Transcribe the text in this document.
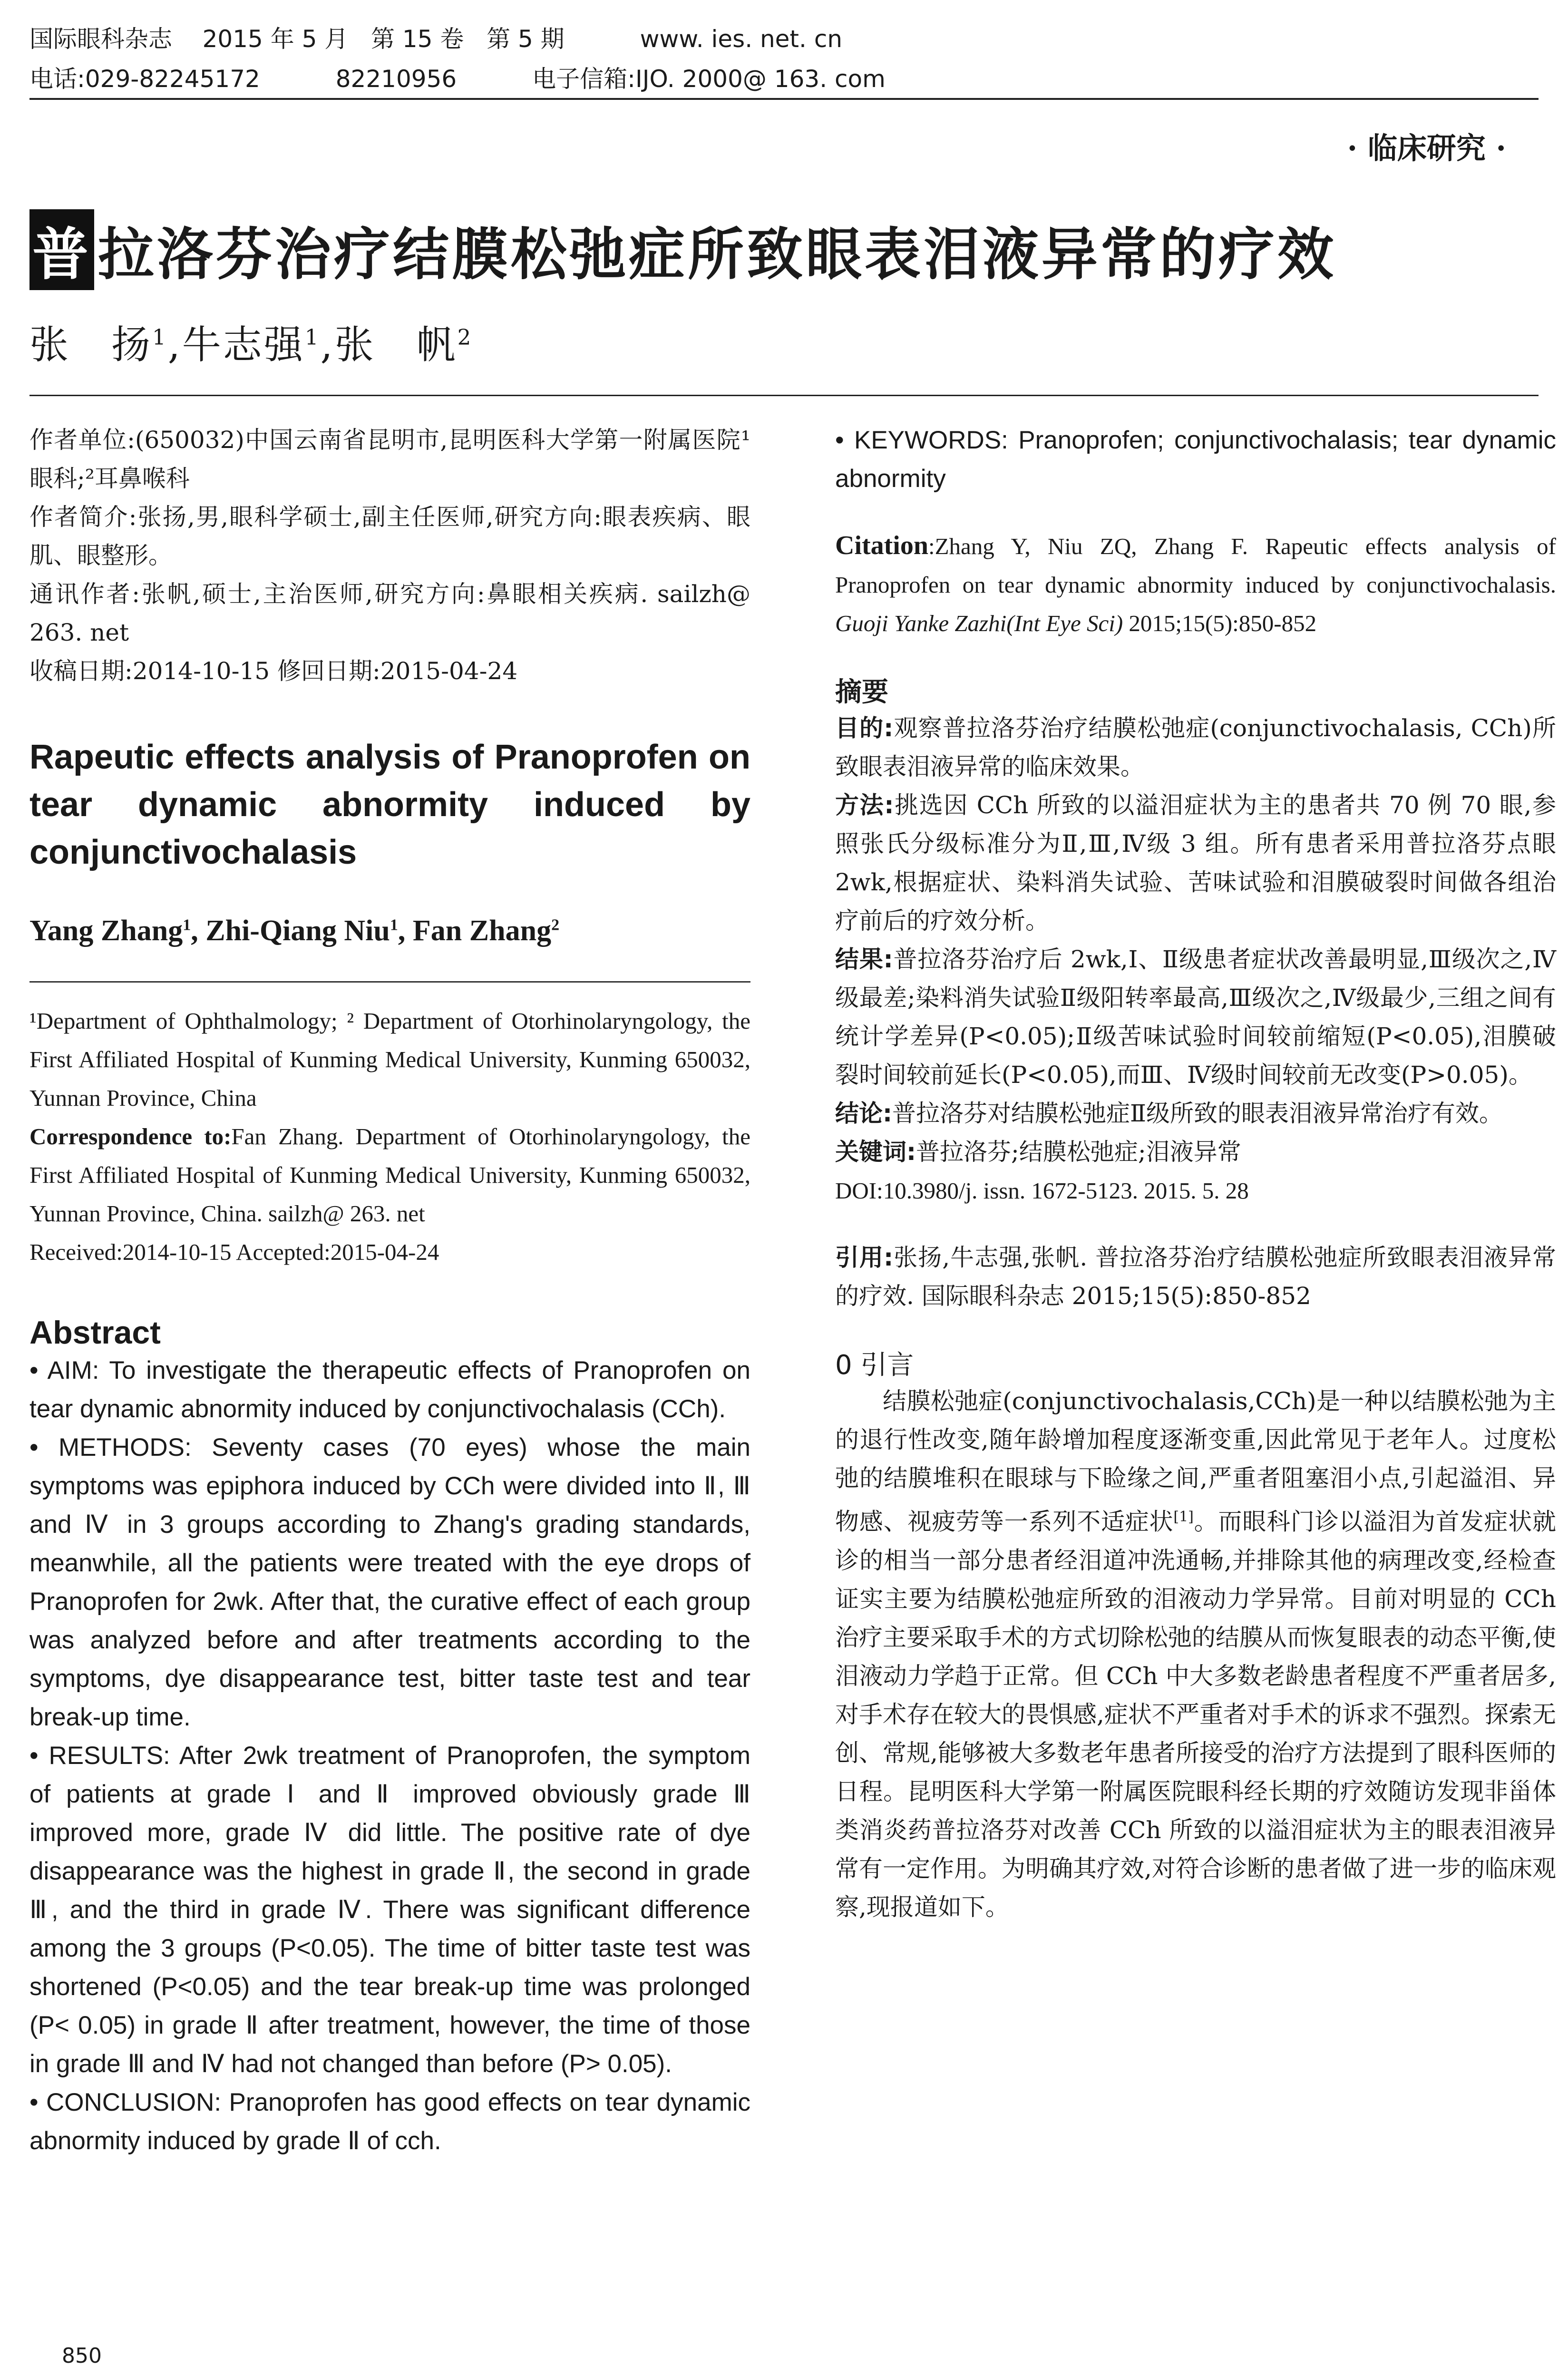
国际眼科杂志    2015 年 5 月   第 15 卷   第 5 期          www. ies. net. cn
电话:029-82245172          82210956          电子信箱:IJO. 2000@ 163. com
· 临床研究 ·
普 拉洛芬治疗结膜松弛症所致眼表泪液异常的疗效
张　扬$^1$,牛志强$^1$,张　帆$^2$

作者单位:(650032)中国云南省昆明市,昆明医科大学第一附属医院¹眼科;²耳鼻喉科

作者简介:张扬,男,眼科学硕士,副主任医师,研究方向:眼表疾病、眼肌、眼整形。

通讯作者:张帆,硕士,主治医师,研究方向:鼻眼相关疾病. sailzh@ 263. net

收稿日期:2014-10-15 修回日期:2015-04-24

Rapeutic effects analysis of Pranoprofen on tear dynamic abnormity induced by conjunctivochalasis

Yang Zhang$^1$, Zhi-Qiang Niu$^1$, Fan Zhang$^2$

¹Department of Ophthalmology; ² Department of Otorhinolaryngology, the First Affiliated Hospital of Kunming Medical University, Kunming 650032, Yunnan Province, China

Correspondence to:Fan Zhang. Department of Otorhinolaryngology, the First Affiliated Hospital of Kunming Medical University, Kunming 650032, Yunnan Province, China. sailzh@ 263. net

Received:2014-10-15 Accepted:2015-04-24

Abstract

• AIM: To investigate the therapeutic effects of Pranoprofen on tear dynamic abnormity induced by conjunctivochalasis (CCh).

• METHODS: Seventy cases (70 eyes) whose the main symptoms was epiphora induced by CCh were divided into Ⅱ, Ⅲ and Ⅳ in 3 groups according to Zhang's grading standards, meanwhile, all the patients were treated with the eye drops of Pranoprofen for 2wk. After that, the curative effect of each group was analyzed before and after treatments according to the symptoms, dye disappearance test, bitter taste test and tear break-up time.

• RESULTS: After 2wk treatment of Pranoprofen, the symptom of patients at grade Ⅰ and Ⅱ improved obviously grade Ⅲ improved more, grade Ⅳ did little. The positive rate of dye disappearance was the highest in grade Ⅱ, the second in grade Ⅲ, and the third in grade Ⅳ. There was significant difference among the 3 groups (P<0.05). The time of bitter taste test was shortened (P<0.05) and the tear break-up time was prolonged (P< 0.05) in grade Ⅱ after treatment, however, the time of those in grade Ⅲ and Ⅳ had not changed than before (P> 0.05).

• CONCLUSION: Pranoprofen has good effects on tear dynamic abnormity induced by grade Ⅱ of cch.

850

• KEYWORDS: Pranoprofen; conjunctivochalasis; tear dynamic abnormity

Citation:Zhang Y, Niu ZQ, Zhang F. Rapeutic effects analysis of Pranoprofen on tear dynamic abnormity induced by conjunctivochalasis. Guoji Yanke Zazhi(Int Eye Sci) 2015;15(5):850-852

摘要

目的:观察普拉洛芬治疗结膜松弛症(conjunctivochalasis, CCh)所致眼表泪液异常的临床效果。

方法:挑选因 CCh 所致的以溢泪症状为主的患者共 70 例 70 眼,参照张氏分级标准分为Ⅱ,Ⅲ,Ⅳ级 3 组。所有患者采用普拉洛芬点眼 2wk,根据症状、染料消失试验、苦味试验和泪膜破裂时间做各组治疗前后的疗效分析。

结果:普拉洛芬治疗后 2wk,Ⅰ、Ⅱ级患者症状改善最明显,Ⅲ级次之,Ⅳ级最差;染料消失试验Ⅱ级阳转率最高,Ⅲ级次之,Ⅳ级最少,三组之间有统计学差异(P<0.05);Ⅱ级苦味试验时间较前缩短(P<0.05),泪膜破裂时间较前延长(P<0.05),而Ⅲ、Ⅳ级时间较前无改变(P>0.05)。

结论:普拉洛芬对结膜松弛症Ⅱ级所致的眼表泪液异常治疗有效。

关键词:普拉洛芬;结膜松弛症;泪液异常

DOI:10.3980/j. issn. 1672-5123. 2015. 5. 28

引用:张扬,牛志强,张帆. 普拉洛芬治疗结膜松弛症所致眼表泪液异常的疗效. 国际眼科杂志 2015;15(5):850-852

0 引言

结膜松弛症(conjunctivochalasis,CCh)是一种以结膜松弛为主的退行性改变,随年龄增加程度逐渐变重,因此常见于老年人。过度松弛的结膜堆积在眼球与下睑缘之间,严重者阻塞泪小点,引起溢泪、异物感、视疲劳等一系列不适症状[1]。而眼科门诊以溢泪为首发症状就诊的相当一部分患者经泪道冲洗通畅,并排除其他的病理改变,经检查证实主要为结膜松弛症所致的泪液动力学异常。目前对明显的 CCh 治疗主要采取手术的方式切除松弛的结膜从而恢复眼表的动态平衡,使泪液动力学趋于正常。但 CCh 中大多数老龄患者程度不严重者居多,对手术存在较大的畏惧感,症状不严重者对手术的诉求不强烈。探索无创、常规,能够被大多数老年患者所接受的治疗方法提到了眼科医师的日程。昆明医科大学第一附属医院眼科经长期的疗效随访发现非甾体类消炎药普拉洛芬对改善 CCh 所致的以溢泪症状为主的眼表泪液异常有一定作用。为明确其疗效,对符合诊断的患者做了进一步的临床观察,现报道如下。
